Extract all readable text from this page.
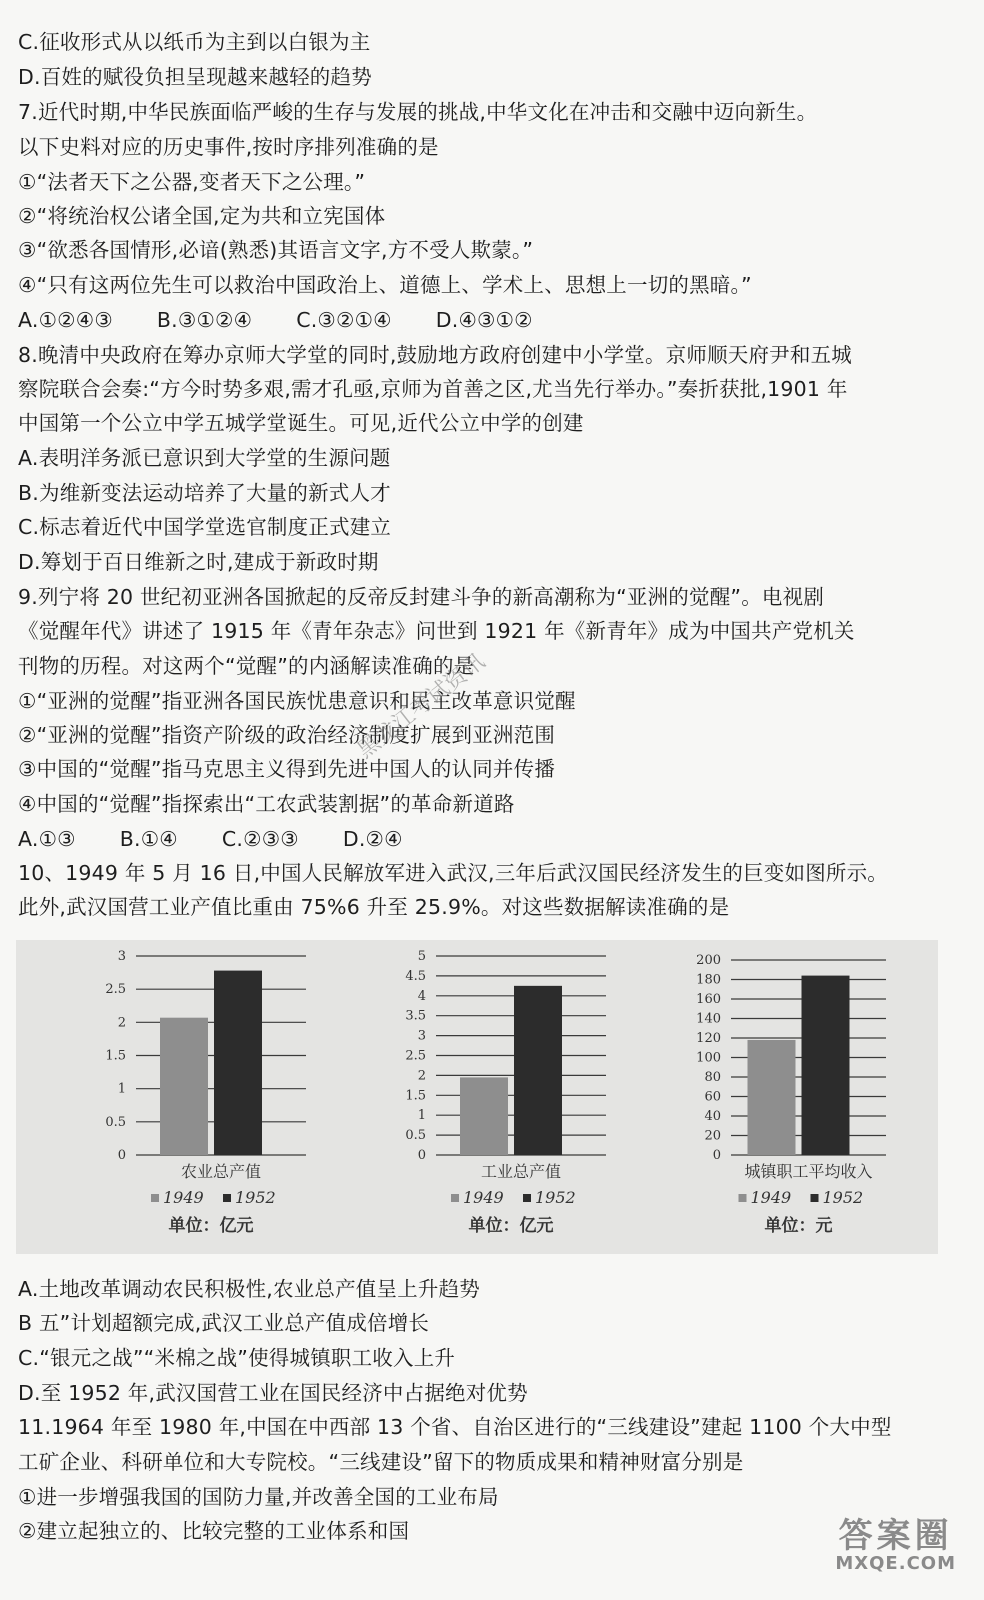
C.征收形式从以纸币为主到以白银为主
D.百姓的赋役负担呈现越来越轻的趋势
7.近代时期,中华民族面临严峻的生存与发展的挑战,中华文化在冲击和交融中迈向新生。
以下史料对应的历史事件,按时序排列准确的是
①“法者天下之公器,变者天下之公理。”
②“将统治权公诸全国,定为共和立宪国体
③“欲悉各国情形,必谙(熟悉)其语言文字,方不受人欺蒙。”
④“只有这两位先生可以救治中国政治上、道德上、学术上、思想上一切的黑暗。”
A.①②④③ B.③①②④ C.③②①④ D.④③①②
8.晚清中央政府在筹办京师大学堂的同时,鼓励地方政府创建中小学堂。京师顺天府尹和五城
察院联合会奏:“方今时势多艰,需才孔亟,京师为首善之区,尤当先行举办。”奏折获批,1901 年
中国第一个公立中学五城学堂诞生。可见,近代公立中学的创建
A.表明洋务派已意识到大学堂的生源问题
B.为维新变法运动培养了大量的新式人才
C.标志着近代中国学堂选官制度正式建立
D.筹划于百日维新之时,建成于新政时期
9.列宁将 20 世纪初亚洲各国掀起的反帝反封建斗争的新高潮称为“亚洲的觉醒”。电视剧
《觉醒年代》讲述了 1915 年《青年杂志》问世到 1921 年《新青年》成为中国共产党机关
刊物的历程。对这两个“觉醒”的内涵解读准确的是
①“亚洲的觉醒”指亚洲各国民族忧患意识和民主改革意识觉醒
②“亚洲的觉醒”指资产阶级的政治经济制度扩展到亚洲范围
③中国的“觉醒”指马克思主义得到先进中国人的认同并传播
④中国的“觉醒”指探索出“工农武装割据”的革命新道路
A.①③ B.①④ C.②③③ D.②④
10、1949 年 5 月 16 日,中国人民解放军进入武汉,三年后武汉国民经济发生的巨变如图所示。
此外,武汉国营工业产值比重由 75%6 升至 25.9%。对这些数据解读准确的是
0
0.5
1
1.5
2
2.5
3
农业总产值
1949 1952
单位：亿元
0
0.5
1
1.5
2
2.5
3
3.5
4
4.5
5
工业总产值
1949 1952
单位：亿元
0
20
40
60
80
100
120
140
160
180
200
城镇职工平均收入
1949 1952
单位：元
A.土地改革调动农民积极性,农业总产值呈上升趋势
B 五”计划超额完成,武汉工业总产值成倍增长
C.“银元之战”“米棉之战”使得城镇职工收入上升
D.至 1952 年,武汉国营工业在国民经济中占据绝对优势
11.1964 年至 1980 年,中国在中西部 13 个省、自治区进行的“三线建设”建起 1100 个大中型
工矿企业、科研单位和大专院校。“三线建设”留下的物质成果和精神财富分别是
①进一步增强我国的国防力量,并改善全国的工业布局
②建立起独立的、比较完整的工业体系和国
黑龙江考试资讯
答案圈
MXQE.COM
